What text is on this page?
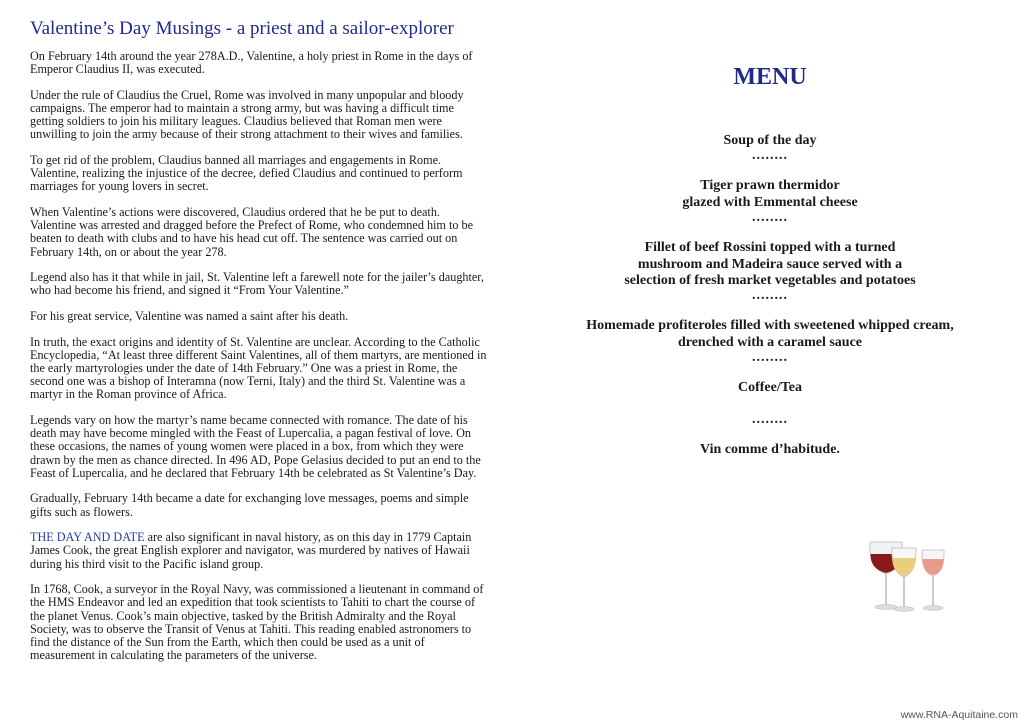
Valentine’s Day Musings - a priest and a sailor-explorer

On February 14th around the year 278A.D., Valentine, a holy priest in Rome in the days of Emperor Claudius II, was executed.

Under the rule of Claudius the Cruel, Rome was involved in many unpopular and bloody campaigns. The emperor had to maintain a strong army, but was having a difficult time getting soldiers to join his military leagues. Claudius believed that Roman men were unwilling to join the army because of their strong attachment to their wives and families.

To get rid of the problem, Claudius banned all marriages and engagements in Rome. Valentine, realizing the injustice of the decree, defied Claudius and continued to perform marriages for young lovers in secret.

When Valentine’s actions were discovered, Claudius ordered that he be put to death. Valentine was arrested and dragged before the Prefect of Rome, who condemned him to be beaten to death with clubs and to have his head cut off. The sentence was carried out on February 14th, on or about the year 278.

Legend also has it that while in jail, St. Valentine left a farewell note for the jailer’s daughter, who had become his friend, and signed it “From Your Valentine.”

For his great service, Valentine was named a saint after his death.

In truth, the exact origins and identity of St. Valentine are unclear. According to the Catholic Encyclopedia, “At least three different Saint Valentines, all of them martyrs, are mentioned in the early martyrologies under the date of 14th February.” One was a priest in Rome, the second one was a bishop of Interamna (now Terni, Italy) and the third St. Valentine was a martyr in the Roman province of Africa.

Legends vary on how the martyr’s name became connected with romance. The date of his death may have become mingled with the Feast of Lupercalia, a pagan festival of love. On these occasions, the names of young women were placed in a box, from which they were drawn by the men as chance directed. In 496 AD, Pope Gelasius decided to put an end to the Feast of Lupercalia, and he declared that February 14th be celebrated as St Valentine’s Day.

Gradually, February 14th became a date for exchanging love messages, poems and simple gifts such as flowers.

THE DAY AND DATE are also significant in naval history, as on this day in 1779 Captain James Cook, the great English explorer and navigator, was murdered by natives of Hawaii during his third visit to the Pacific island group.

In 1768, Cook, a surveyor in the Royal Navy, was commissioned a lieutenant in command of the HMS Endeavor and led an expedition that took scientists to Tahiti to chart the course of the planet Venus. Cook’s main objective, tasked by the British Admiralty and the Royal Society, was to observe the Transit of Venus at Tahiti. This reading enabled astronomers to find the distance of the Sun from the Earth, which then could be used as a unit of measurement in calculating the parameters of the universe.

MENU

Soup of the day

........

Tiger prawn thermidor

glazed with Emmental cheese

........

Fillet of beef Rossini topped with a turned

mushroom and Madeira sauce served with a

selection of fresh market vegetables and potatoes

........

Homemade profiteroles filled with sweetened whipped cream,

drenched with a caramel sauce

........

Coffee/Tea

........

Vin comme d’habitude.

www.RNA-Aquitaine.com
